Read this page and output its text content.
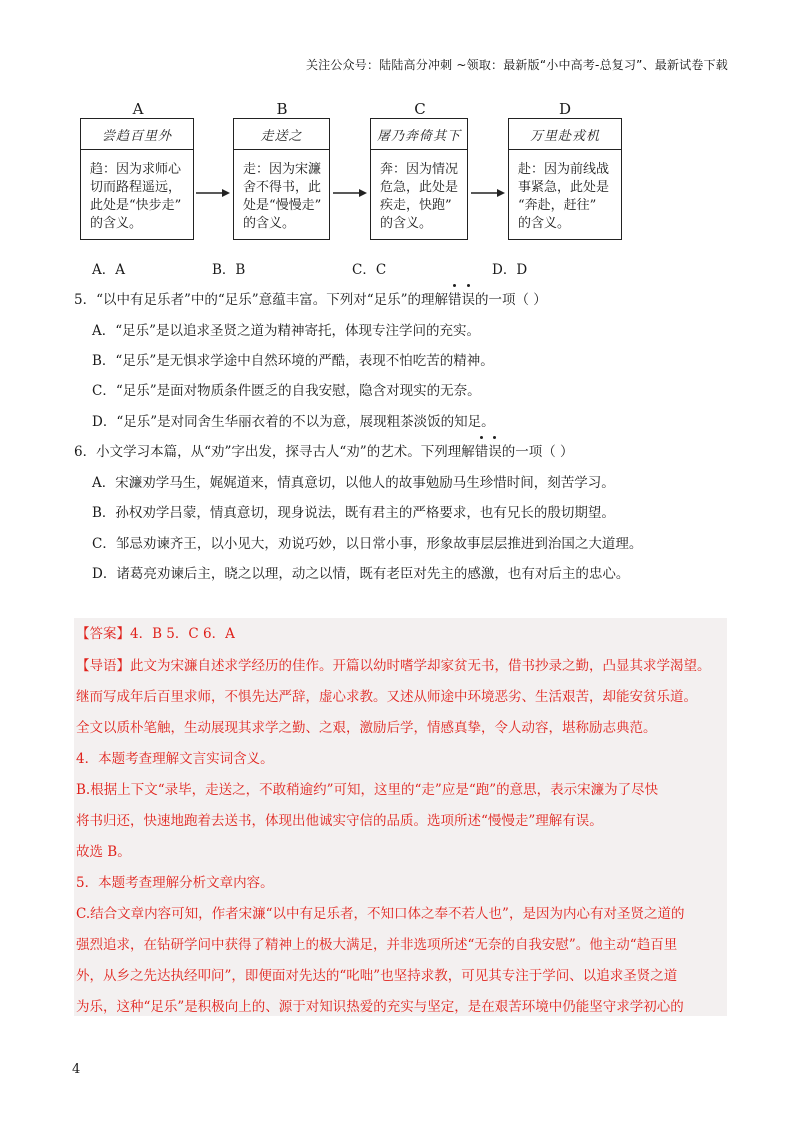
关注公众号：陆陆高分冲刺 ~领取：最新版“小中高考-总复习”、最新试卷下载
A	B	C	D
尝趋百里外
趋：因为求师心
切而路程遥远，
此处是“快步走”
的含义。
走送之
走：因为宋濂
舍不得书，此
处是“慢慢走”
的含义。
屠乃奔倚其下
奔：因为情况
危急，此处是
疾走，快跑”
的含义。
万里赴戎机
赴：因为前线战
事紧急，此处是
“奔赴，赶往”
的含义。
A．A	B．B	C．C	D．D
5．“以中有足乐者”中的“足乐”意蕴丰富。下列对“足乐”的理解错误的一项（ ）
A．“足乐”是以追求圣贤之道为精神寄托，体现专注学问的充实。
B．“足乐”是无惧求学途中自然环境的严酷，表现不怕吃苦的精神。
C．“足乐”是面对物质条件匮乏的自我安慰，隐含对现实的无奈。
D．“足乐”是对同舍生华丽衣着的不以为意，展现粗茶淡饭的知足。
6．小文学习本篇，从“劝”字出发，探寻古人“劝”的艺术。下列理解错误的一项（ ）
A．宋濂劝学马生，娓娓道来，情真意切，以他人的故事勉励马生珍惜时间，刻苦学习。
B．孙权劝学吕蒙，情真意切，现身说法，既有君主的严格要求，也有兄长的殷切期望。
C．邹忌劝谏齐王，以小见大，劝说巧妙，以日常小事，形象故事层层推进到治国之大道理。
D．诸葛亮劝谏后主，晓之以理，动之以情，既有老臣对先主的感激，也有对后主的忠心。
【答案】4．B 5．C 6．A
【导语】此文为宋濂自述求学经历的佳作。开篇以幼时嗜学却家贫无书，借书抄录之勤，凸显其求学渴望。
继而写成年后百里求师，不惧先达严辞，虚心求教。又述从师途中环境恶劣、生活艰苦，却能安贫乐道。
全文以质朴笔触，生动展现其求学之勤、之艰，激励后学，情感真挚，令人动容，堪称励志典范。
4．本题考查理解文言实词含义。
B.根据上下文“录毕，走送之，不敢稍逾约”可知，这里的“走”应是“跑”的意思，表示宋濂为了尽快
将书归还，快速地跑着去送书，体现出他诚实守信的品质。选项所述“慢慢走”理解有误。
故选 B。
5．本题考查理解分析文章内容。
C.结合文章内容可知，作者宋濂“以中有足乐者，不知口体之奉不若人也”，是因为内心有对圣贤之道的
强烈追求，在钻研学问中获得了精神上的极大满足，并非选项所述“无奈的自我安慰”。他主动“趋百里
外，从乡之先达执经叩问”，即便面对先达的“叱咄”也坚持求教，可见其专注于学问、以追求圣贤之道
为乐，这种“足乐”是积极向上的、源于对知识热爱的充实与坚定，是在艰苦环境中仍能坚守求学初心的
4
